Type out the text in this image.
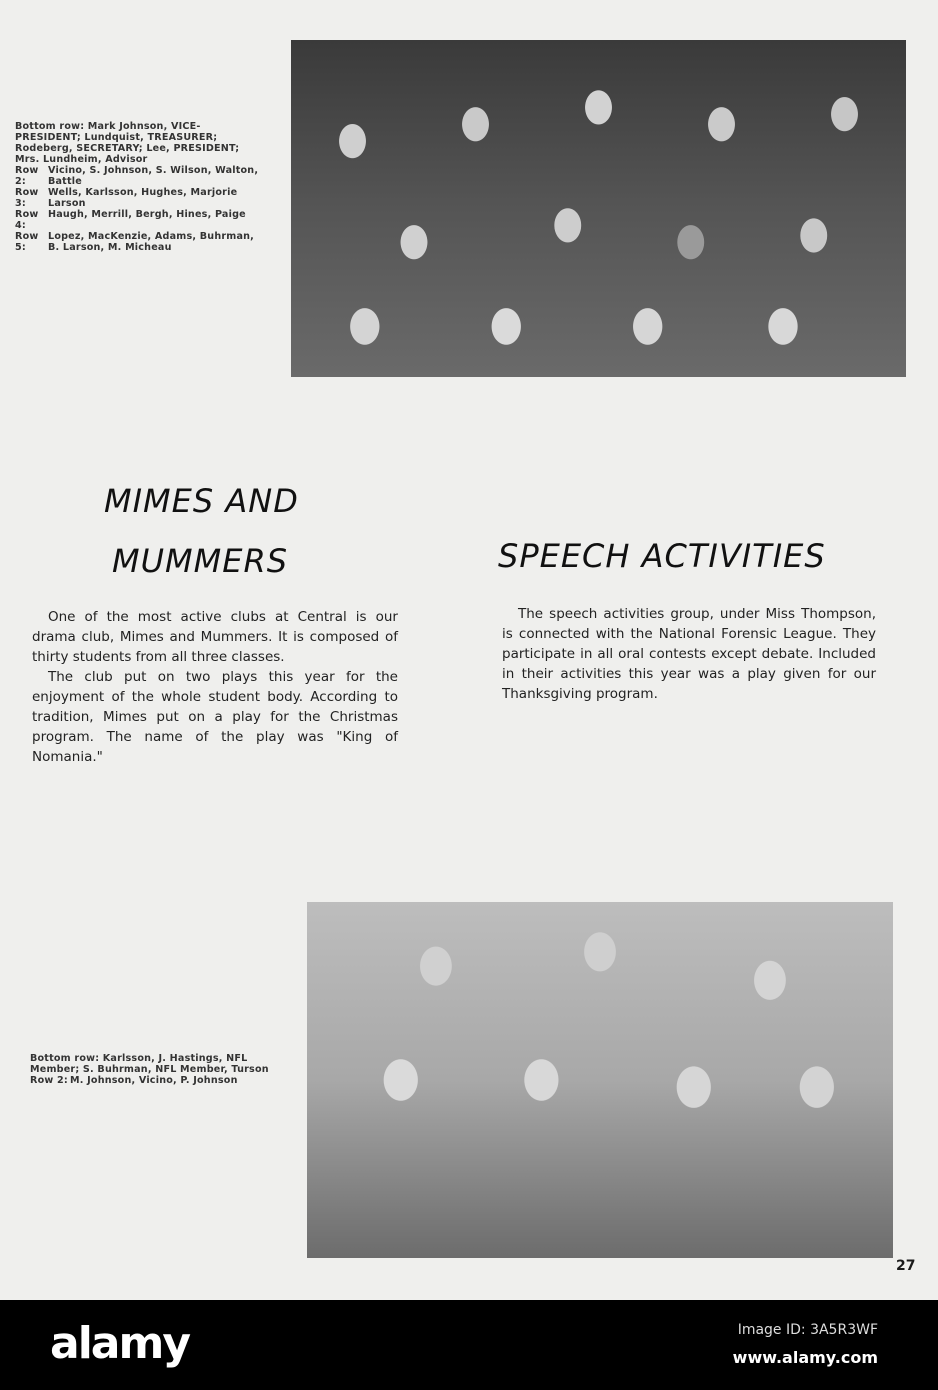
Bottom row: Mark Johnson, VICE-PRESIDENT; Lundquist, TREASURER; Rodeberg, SECRETARY; Lee, PRESIDENT; Mrs. Lundheim, Advisor
Row 2:
Vicino, S. Johnson, S. Wilson, Walton, Battle
Row 3:
Wells, Karlsson, Hughes, Marjorie Larson
Row 4:
Haugh, Merrill, Bergh, Hines, Paige
Row 5:
Lopez, MacKenzie, Adams, Buhrman, B. Larson, M. Micheau
MIMES AND
MUMMERS

One of the most active clubs at Central is our drama club, Mimes and Mummers. It is composed of thirty students from all three classes.

The club put on two plays this year for the enjoyment of the whole student body. According to tradition, Mimes put on a play for the Christmas program. The name of the play was "King of Nomania."

SPEECH ACTIVITIES

The speech activities group, under Miss Thompson, is connected with the National Forensic League. They participate in all oral contests except debate. Included in their activities this year was a play given for our Thanksgiving program.

Bottom row: Karlsson, J. Hastings, NFL Member; S. Buhrman, NFL Member, Turson
Row 2: M. Johnson, Vicino, P. Johnson
27
alamy	Image ID: 3A5R3WF
www.alamy.com
